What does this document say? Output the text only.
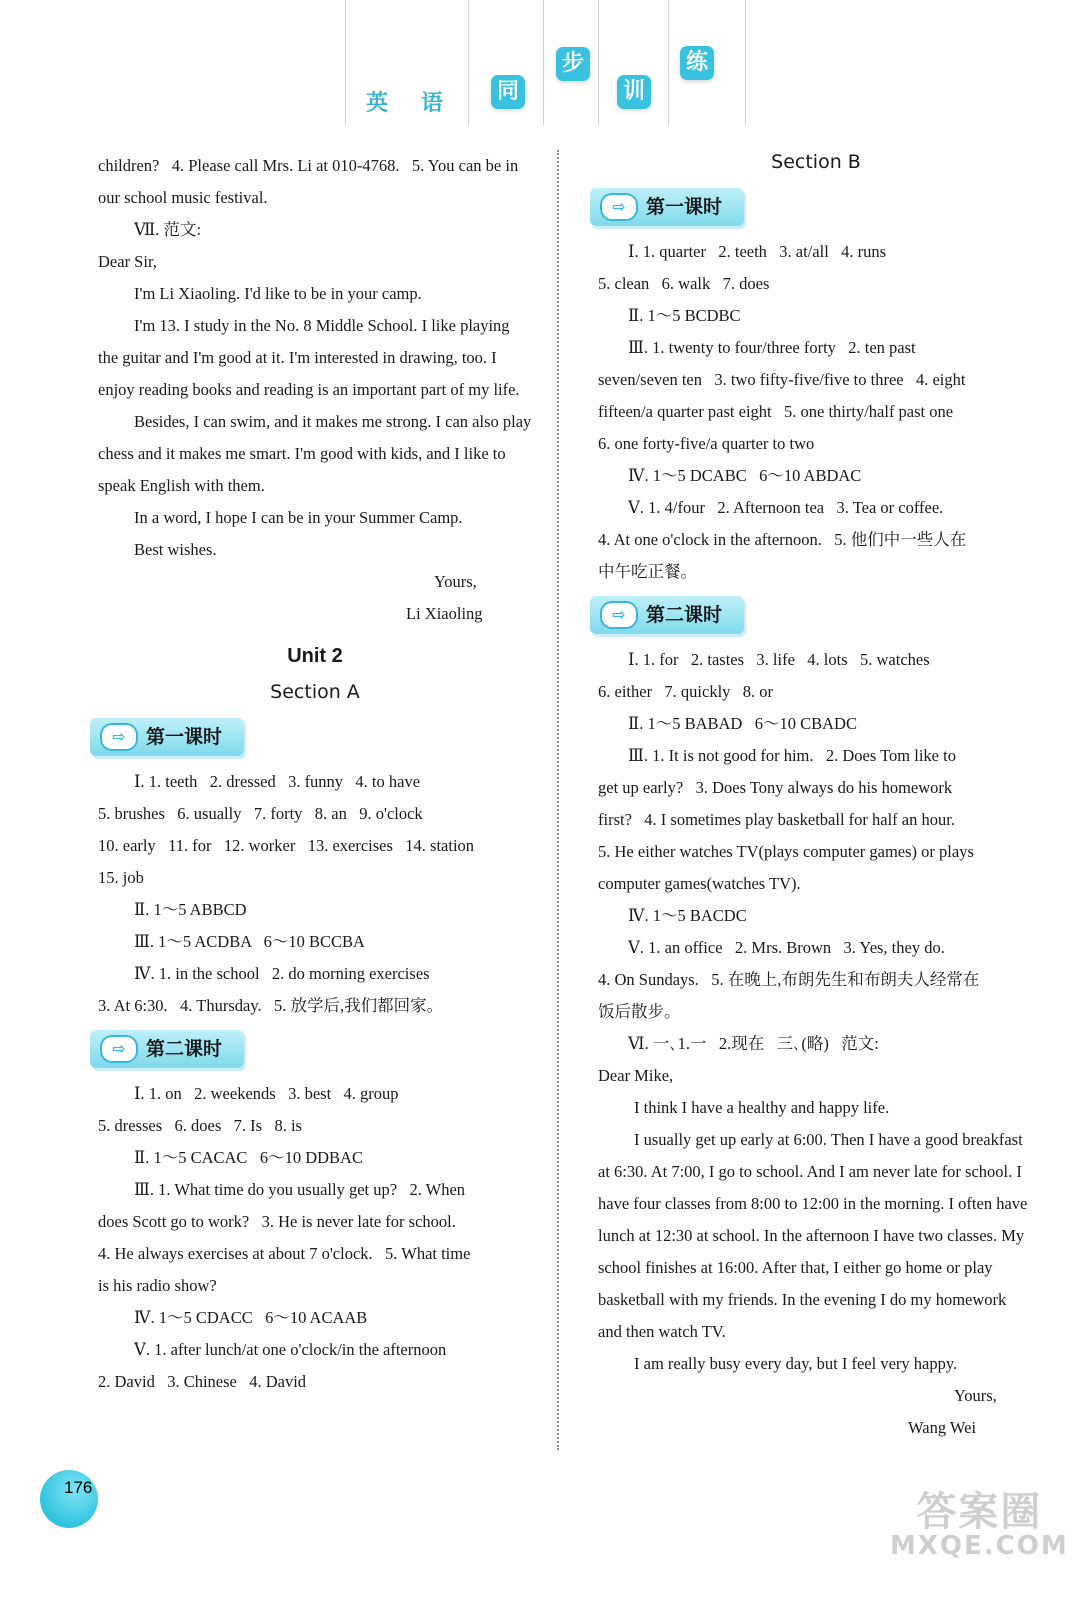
英 语 同
步
训
练

children?   4. Please call Mrs. Li at 010-4768.   5. You can be in our school music festival.

Ⅶ. 范文:

Dear Sir,

I'm Li Xiaoling. I'd like to be in your camp.

I'm 13. I study in the No. 8 Middle School. I like playing the guitar and I'm good at it. I'm interested in drawing, too. I enjoy reading books and reading is an important part of my life.

Besides, I can swim, and it makes me strong. I can also play chess and it makes me smart. I'm good with kids, and I like to speak English with them.

In a word, I hope I can be in your Summer Camp.

Best wishes.

Yours,

Li Xiaoling

Unit 2

Section A

⇨	第一课时

Ⅰ. 1. teeth   2. dressed   3. funny   4. to have

5. brushes   6. usually   7. forty   8. an   9. o'clock

10. early   11. for   12. worker   13. exercises   14. station

15. job

Ⅱ. 1～5 ABBCD

Ⅲ. 1～5 ACDBA   6～10 BCCBA

Ⅳ. 1. in the school   2. do morning exercises

3. At 6:30.   4. Thursday.   5. 放学后,我们都回家。

⇨	第二课时

Ⅰ. 1. on   2. weekends   3. best   4. group

5. dresses   6. does   7. Is   8. is

Ⅱ. 1～5 CACAC   6～10 DDBAC

Ⅲ. 1. What time do you usually get up?   2. When

does Scott go to work?   3. He is never late for school.

4. He always exercises at about 7 o'clock.   5. What time

is his radio show?

Ⅳ. 1～5 CDACC   6～10 ACAAB

Ⅴ. 1. after lunch/at one o'clock/in the afternoon

2. David   3. Chinese   4. David

Section B

⇨	第一课时

Ⅰ. 1. quarter   2. teeth   3. at/all   4. runs

5. clean   6. walk   7. does

Ⅱ. 1～5 BCDBC

Ⅲ. 1. twenty to four/three forty   2. ten past

seven/seven ten   3. two fifty-five/five to three   4. eight

fifteen/a quarter past eight   5. one thirty/half past one

6. one forty-five/a quarter to two

Ⅳ. 1～5 DCABC   6～10 ABDAC

Ⅴ. 1. 4/four   2. Afternoon tea   3. Tea or coffee.

4. At one o'clock in the afternoon.   5. 他们中一些人在

中午吃正餐。

⇨	第二课时

Ⅰ. 1. for   2. tastes   3. life   4. lots   5. watches

6. either   7. quickly   8. or

Ⅱ. 1～5 BABAD   6～10 CBADC

Ⅲ. 1. It is not good for him.   2. Does Tom like to

get up early?   3. Does Tony always do his homework

first?   4. I sometimes play basketball for half an hour.

5. He either watches TV(plays computer games) or plays

computer games(watches TV).

Ⅳ. 1～5 BACDC

Ⅴ. 1. an office   2. Mrs. Brown   3. Yes, they do.

4. On Sundays.   5. 在晚上,布朗先生和布朗夫人经常在

饭后散步。

Ⅵ. 一､1.一   2.现在   三､(略)   范文:

Dear Mike,

I think I have a healthy and happy life.

I usually get up early at 6:00. Then I have a good breakfast at 6:30. At 7:00, I go to school. And I am never late for school. I have four classes from 8:00 to 12:00 in the morning. I often have lunch at 12:30 at school. In the afternoon I have two classes. My school finishes at 16:00. After that, I either go home or play basketball with my friends. In the evening I do my homework and then watch TV.

I am really busy every day, but I feel very happy.

Yours,

Wang Wei

176
答案圈
MXQE.COM
